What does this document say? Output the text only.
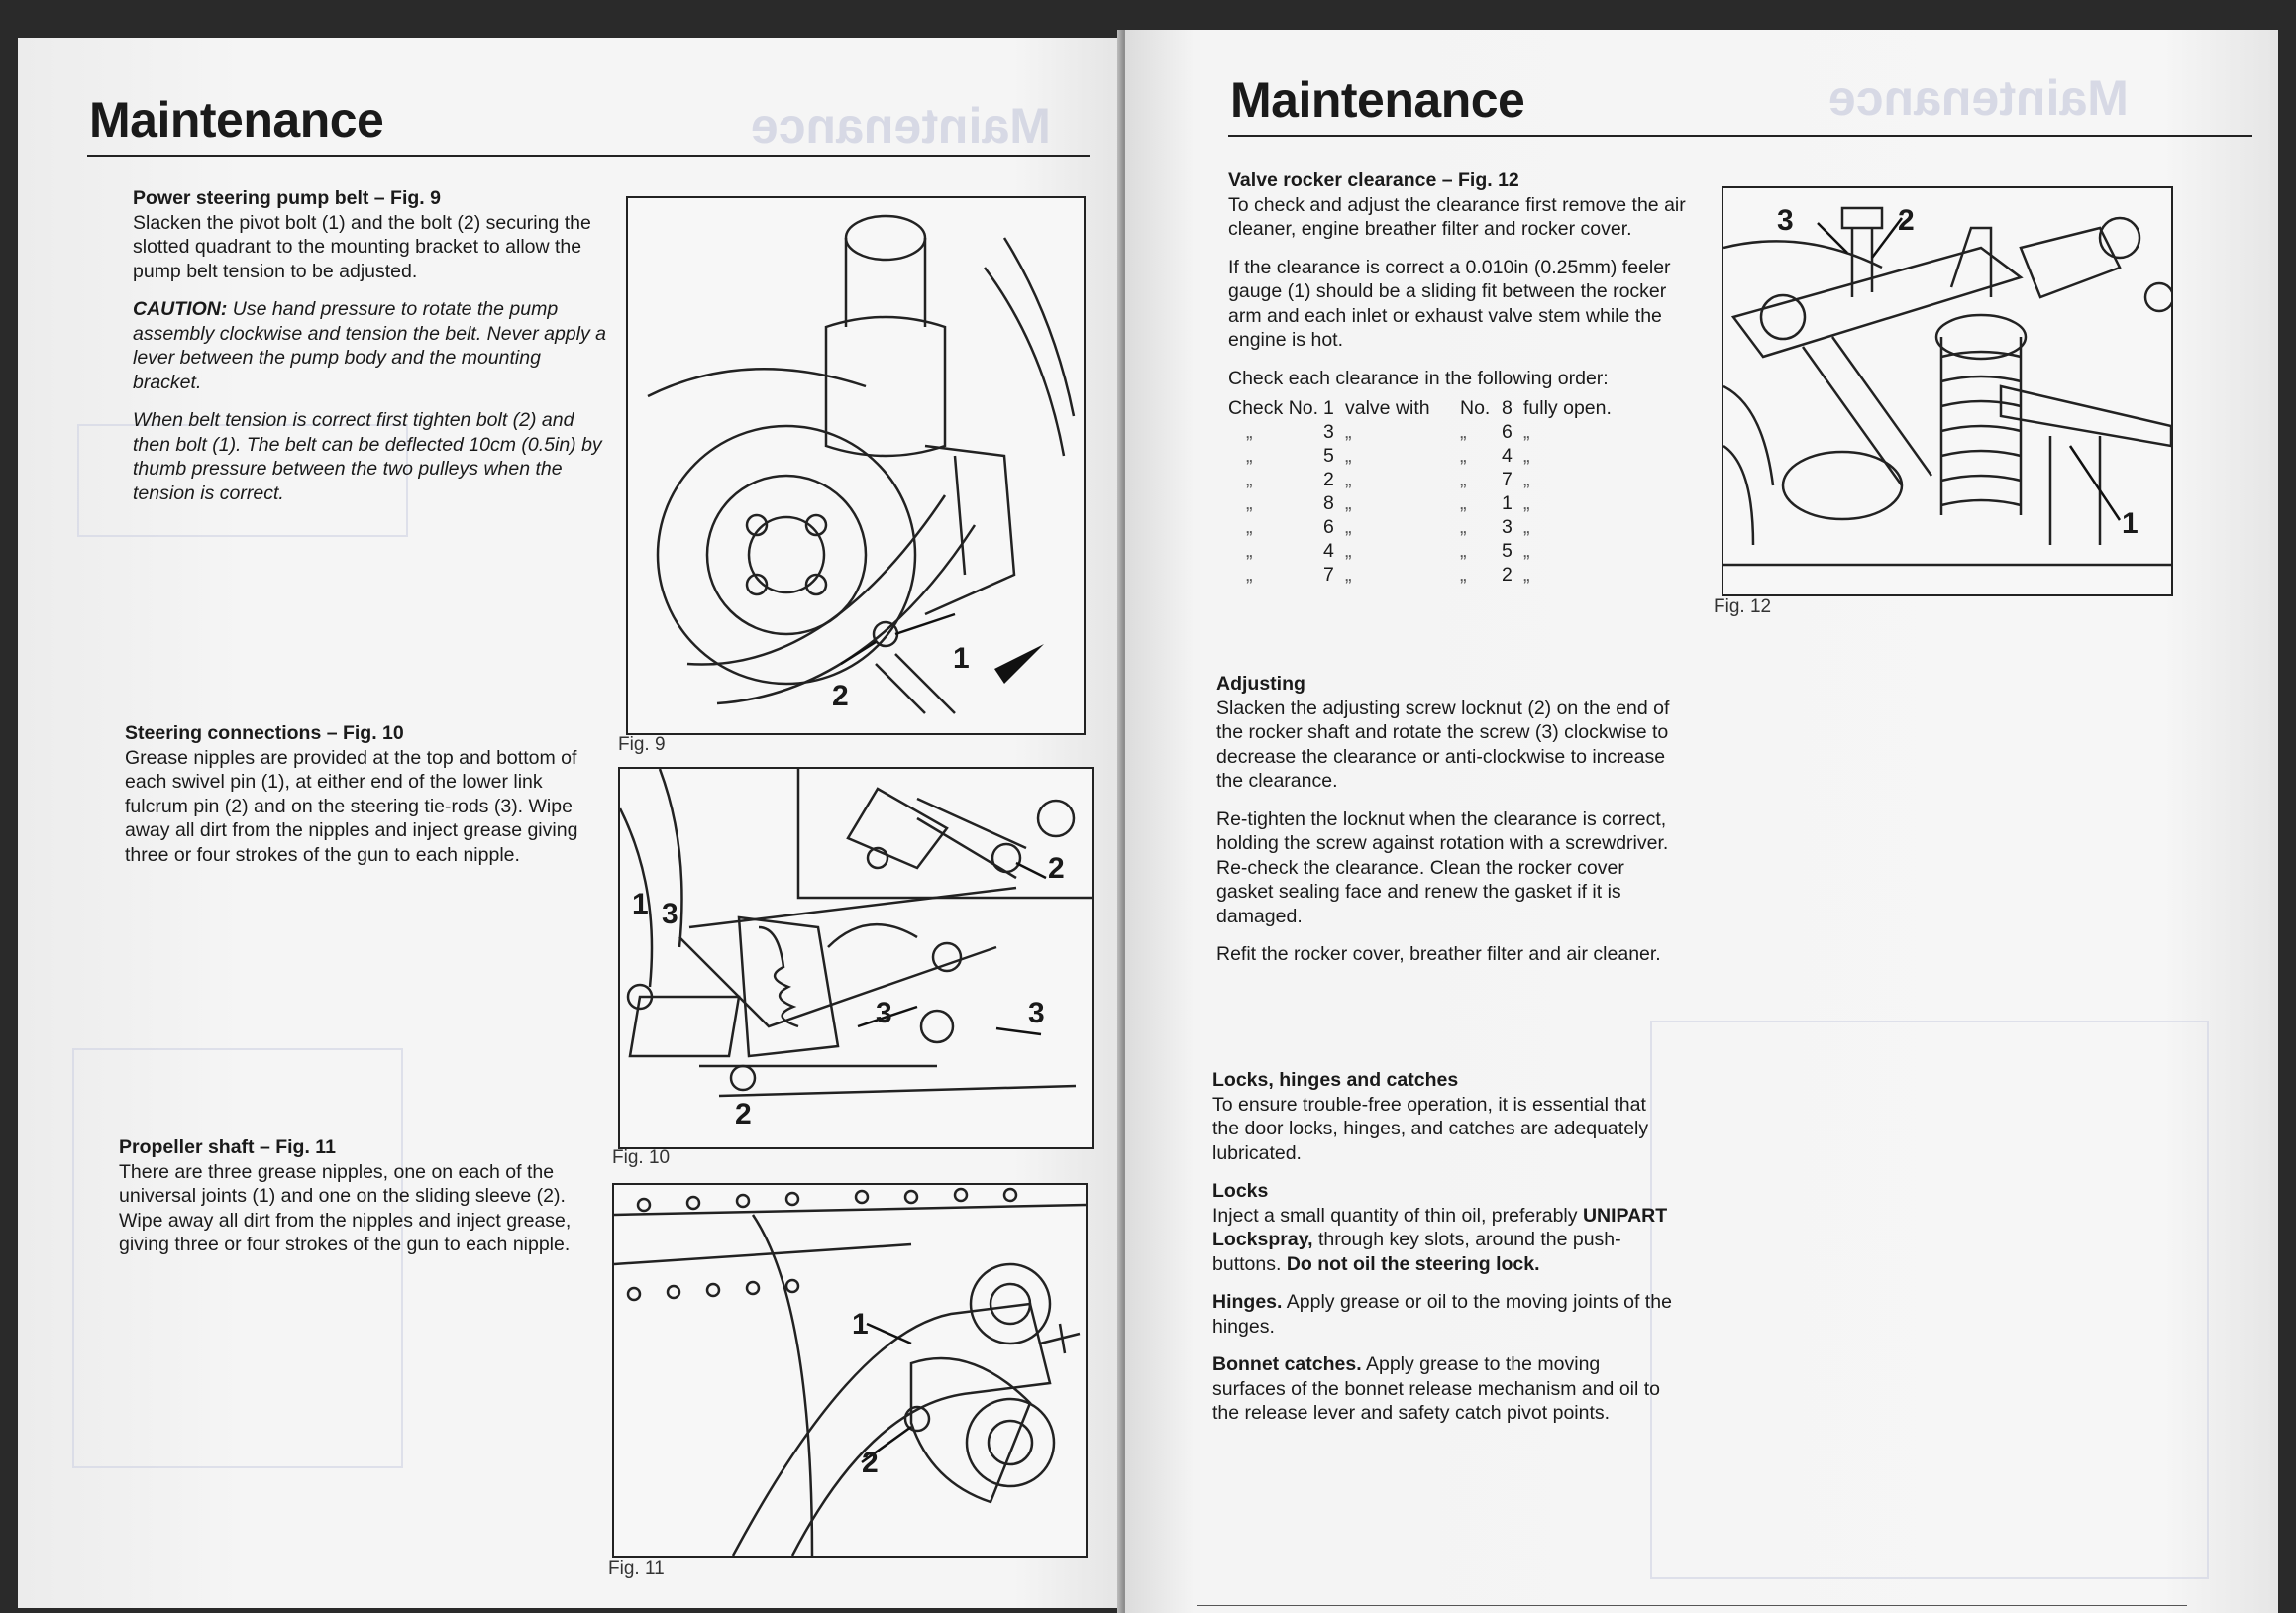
Maintenance
Maintenance
Power steering pump belt – Fig. 9

Slacken the pivot bolt (1) and the bolt (2) securing the slotted quadrant to the mounting bracket to allow the pump belt tension to be adjusted.

CAUTION: Use hand pressure to rotate the pump assembly clockwise and tension the belt. Never apply a lever between the pump body and the mounting bracket.

When belt tension is correct first tighten bolt (2) and then bolt (1). The belt can be deflected 10cm (0.5in) by thumb pressure between the two pulleys when the tension is correct.

Steering connections – Fig. 10

Grease nipples are provided at the top and bottom of each swivel pin (1), at either end of the lower link fulcrum pin (2) and on the steering tie-rods (3). Wipe away all dirt from the nipples and inject grease giving three or four strokes of the gun to each nipple.

Propeller shaft – Fig. 11

There are three grease nipples, one on each of the universal joints (1) and one on the sliding sleeve (2). Wipe away all dirt from the nipples and inject grease, giving three or four strokes of the gun to each nipple.

1
2
Fig. 9
1
2
3
3	3
2
Fig. 10
1
2
Fig. 11
Maintenance
Maintenance
Valve rocker clearance – Fig. 12

To check and adjust the clearance first remove the air cleaner, engine breather filter and rocker cover.

If the clearance is correct a 0.010in (0.25mm) feeler gauge (1) should be a sliding fit between the rocker arm and each inlet or exhaust valve stem while the engine is hot.

Check each clearance in the following order:

Check No. 1 valve with	No. 8 fully open.
„	3 „	„	6 „
„	5 „	„	4 „
„	2 „	„	7 „
„	8 „	„	1 „
„	6 „	„	3 „
„	4 „	„	5 „
„	7 „	„	2 „
Adjusting

Slacken the adjusting screw locknut (2) on the end of the rocker shaft and rotate the screw (3) clockwise to decrease the clearance or anti-clockwise to increase the clearance.

Re-tighten the locknut when the clearance is correct, holding the screw against rotation with a screwdriver. Re-check the clearance. Clean the rocker cover gasket sealing face and renew the gasket if it is damaged.

Refit the rocker cover, breather filter and air cleaner.

Locks, hinges and catches

To ensure trouble-free operation, it is essential that the door locks, hinges, and catches are adequately lubricated.

Locks

Inject a small quantity of thin oil, preferably UNIPART Lockspray, through key slots, around the push-buttons. Do not oil the steering lock.

Hinges. Apply grease or oil to the moving joints of the hinges.

Bonnet catches. Apply grease to the moving surfaces of the bonnet release mechanism and oil to the release lever and safety catch pivot points.

3	2
1
Fig. 12
